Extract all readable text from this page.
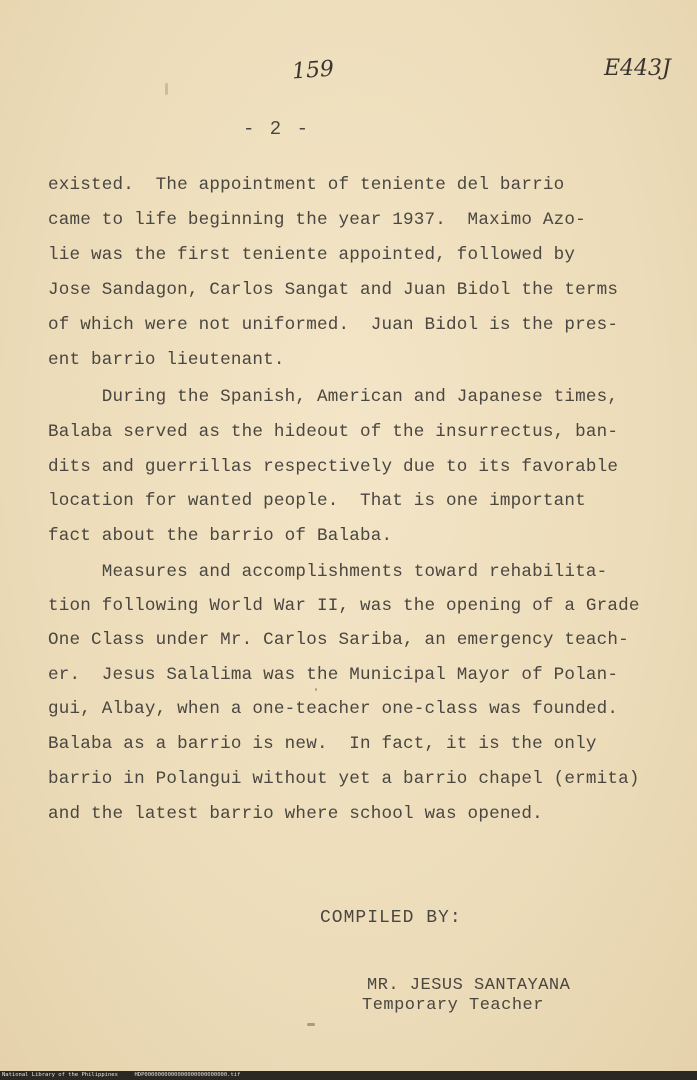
159	E443J
- 2 -
existed.  The appointment of teniente del barrio
came to life beginning the year 1937.  Maximo Azo-
lie was the first teniente appointed, followed by
Jose Sandagon, Carlos Sangat and Juan Bidol the terms
of which were not uniformed.  Juan Bidol is the pres-
ent barrio lieutenant.
During the Spanish, American and Japanese times,
Balaba served as the hideout of the insurrectus, ban-
dits and guerrillas respectively due to its favorable
location for wanted people.  That is one important
fact about the barrio of Balaba.
Measures and accomplishments toward rehabilita-
tion following World War II, was the opening of a Grade
One Class under Mr. Carlos Sariba, an emergency teach-
er.  Jesus Salalima was the Municipal Mayor of Polan-
gui, Albay, when a one-teacher one-class was founded.
Balaba as a barrio is new.  In fact, it is the only
barrio in Polangui without yet a barrio chapel (ermita)
and the latest barrio where school was opened.
COMPILED BY:
MR. JESUS SANTAYANA
Temporary Teacher
National Library of the Philippines     HDP0000000000000000000000000.tif
